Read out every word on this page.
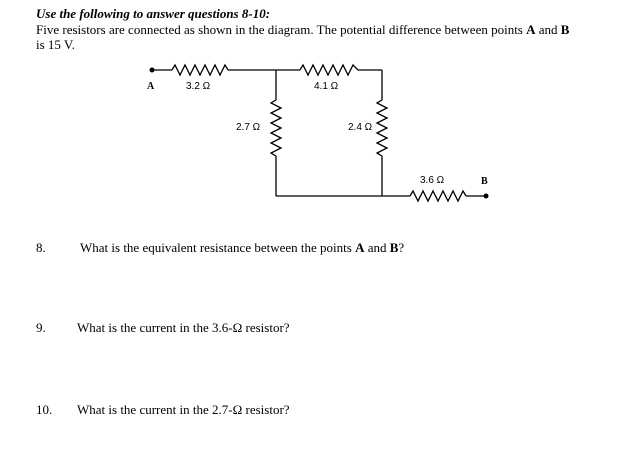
Use the following to answer questions 8-10:
Five resistors are connected as shown in the diagram. The potential difference between points A and B
is 15 V.
A	3.2 Ω	4.1 Ω
2.7 Ω	2.4 Ω
3.6 Ω	B
8.	What is the equivalent resistance between the points A and B?
9. What is the current in the 3.6-Ω resistor?
10. What is the current in the 2.7-Ω resistor?
